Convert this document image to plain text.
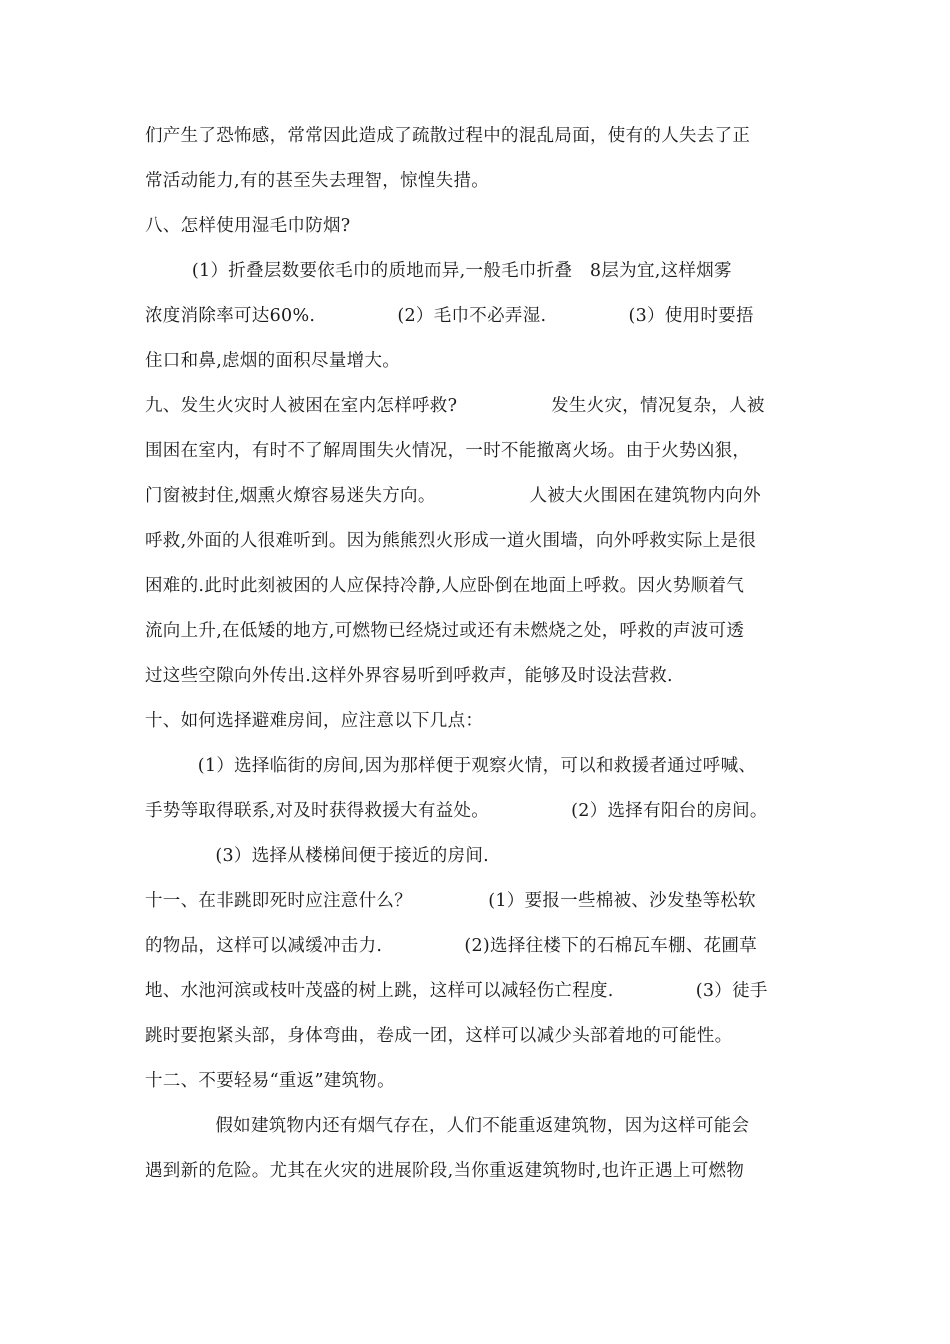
们产生了恐怖感，常常因此造成了疏散过程中的混乱局面，使有的人失去了正
常活动能力,有的甚至失去理智，惊惶失措。
八、怎样使用湿毛巾防烟?
(1）折叠层数要依毛巾的质地而异,一般毛巾折叠   8层为宜,这样烟雾
浓度消除率可达60%.              (2）毛巾不必弄湿.              (3）使用时要捂
住口和鼻,虑烟的面积尽量增大。
九、发生火灾时人被困在室内怎样呼救?                发生火灾，情况复杂，人被
围困在室内，有时不了解周围失火情况，一时不能撤离火场。由于火势凶狠，
门窗被封住,烟熏火燎容易迷失方向。                人被大火围困在建筑物内向外
呼救,外面的人很难听到。因为熊熊烈火形成一道火围墙，向外呼救实际上是很
困难的.此时此刻被困的人应保持冷静,人应卧倒在地面上呼救。因火势顺着气
流向上升,在低矮的地方,可燃物已经烧过或还有未燃烧之处，呼救的声波可透
过这些空隙向外传出.这样外界容易听到呼救声，能够及时设法营救.
十、如何选择避难房间，应注意以下几点：
(1）选择临街的房间,因为那样便于观察火情，可以和救援者通过呼喊、
手势等取得联系,对及时获得救援大有益处。              (2）选择有阳台的房间。
(3）选择从楼梯间便于接近的房间.
十一、在非跳即死时应注意什么？             (1）要报一些棉被、沙发垫等松软
的物品，这样可以减缓冲击力.              (2)选择往楼下的石棉瓦车棚、花圃草
地、水池河滨或枝叶茂盛的树上跳，这样可以减轻伤亡程度.              (3）徒手
跳时要抱紧头部，身体弯曲，卷成一团，这样可以减少头部着地的可能性。
十二、不要轻易“重返”建筑物。
假如建筑物内还有烟气存在，人们不能重返建筑物，因为这样可能会
遇到新的危险。尤其在火灾的进展阶段,当你重返建筑物时,也许正遇上可燃物
